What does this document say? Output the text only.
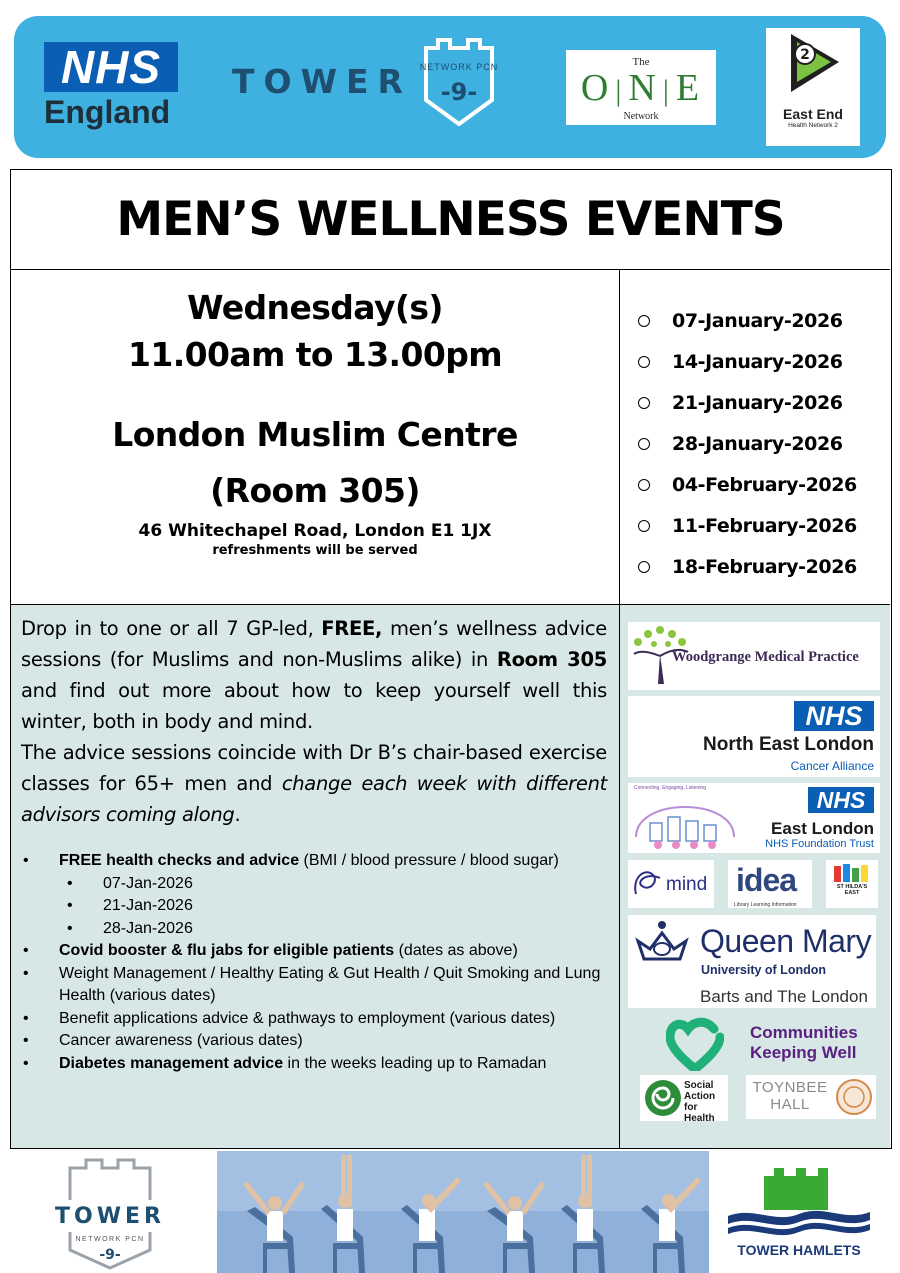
NHS
England
TOWER NETWORK PCN
-9-
The
O | N | E
Network
2
East End
Health Network 2
MEN’S WELLNESS EVENTS
Wednesday(s)
11.00am to 13.00pm
London Muslim Centre
(Room 305)
46 Whitechapel Road, London E1 1JX
refreshments will be served
07-January-2026
14-January-2026
21-January-2026
28-January-2026
04-February-2026
11-February-2026
18-February-2026

Drop in to one or all 7 GP-led, FREE, men’s wellness advice sessions (for Muslims and non-Muslims alike) in Room 305 and find out more about how to keep yourself well this winter, both in body and mind.

The advice sessions coincide with Dr B’s chair-based exercise classes for 65+ men and change each week with different advisors coming along.

• FREE health checks and advice (BMI / blood pressure / blood sugar)
• 07-Jan-2026
• 21-Jan-2026
• 28-Jan-2026
• Covid booster & flu jabs for eligible patients (dates as above)
• Weight Management / Healthy Eating & Gut Health / Quit Smoking and Lung Health (various dates)
• Benefit applications advice & pathways to employment (various dates)
• Cancer awareness (various dates)
• Diabetes management advice in the weeks leading up to Ramadan
Woodgrange Medical Practice
NHS
North East London
Cancer Alliance
Connecting, Engaging, Listening	NHS
East London
NHS Foundation Trust
mind idea
Library Learning Information
ST HILDA'S EAST
Queen Mary
University of London
Barts and The London
Communities
Keeping Well
Social Action for Health
TOYNBEE
HALL
TOWER
NETWORK PCN
-9-	TOWER HAMLETS
